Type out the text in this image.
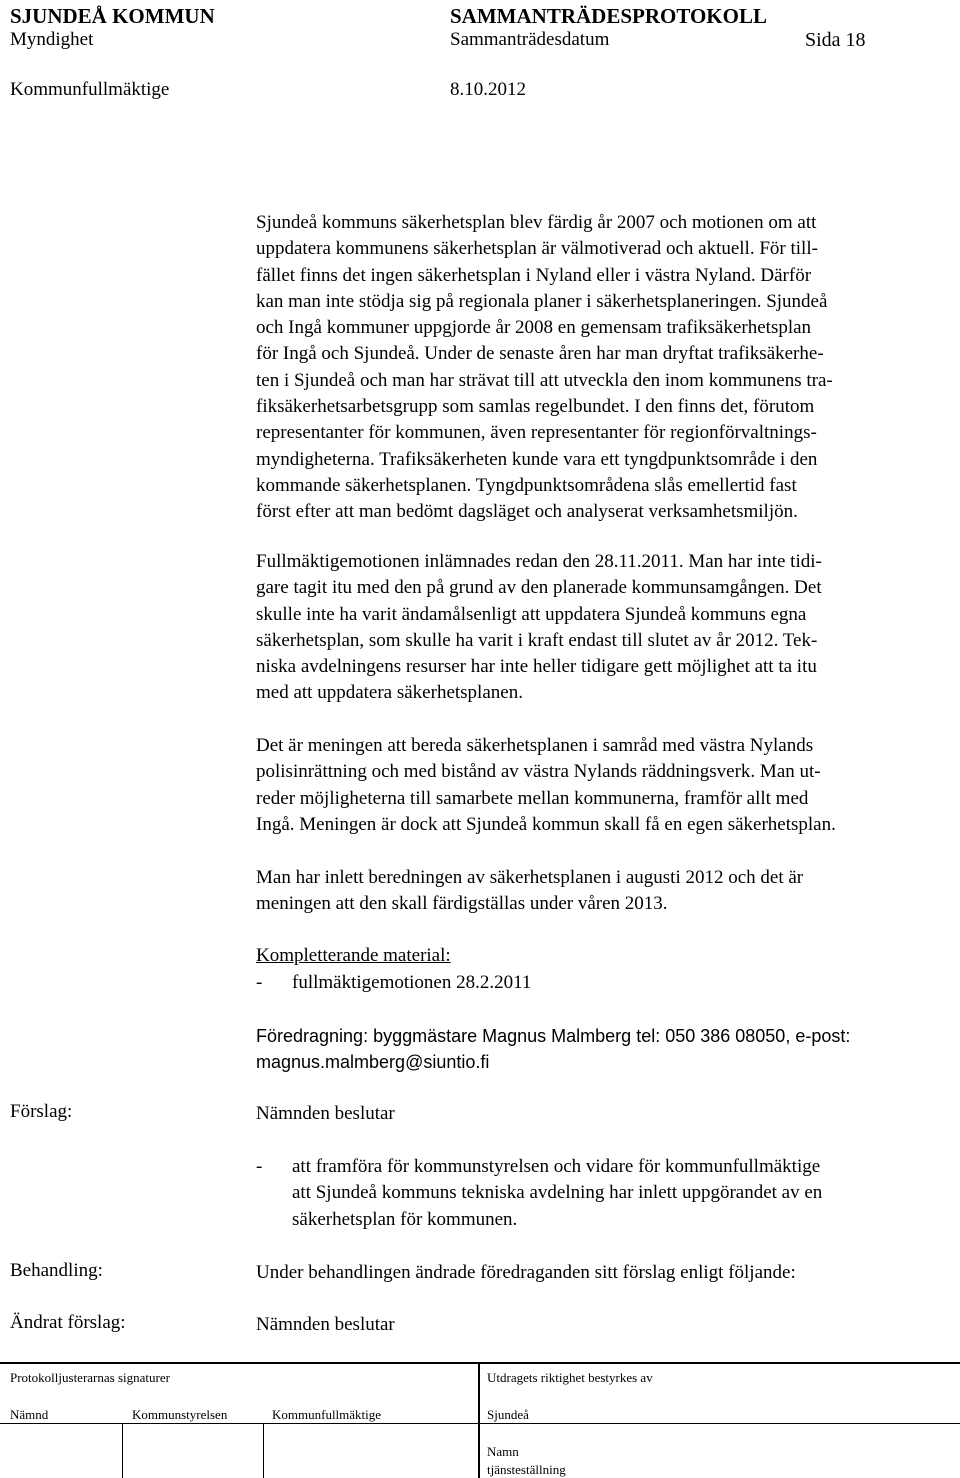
SJUNDEÅ KOMMUN	SAMMANTRÄDESPROTOKOLL
Myndighet	Sammanträdesdatum	Sida 18
Kommunfullmäktige	8.10.2012
Sjundeå kommuns säkerhetsplan blev färdig år 2007 och motionen om att
uppdatera kommunens säkerhetsplan är välmotiverad och aktuell. För till-
fället finns det ingen säkerhetsplan i Nyland eller i västra Nyland. Därför
kan man inte stödja sig på regionala planer i säkerhetsplaneringen. Sjundeå
och Ingå kommuner uppgjorde år 2008 en gemensam trafiksäkerhetsplan
för Ingå och Sjundeå. Under de senaste åren har man dryftat trafiksäkerhe-
ten i Sjundeå och man har strävat till att utveckla den inom kommunens tra-
fiksäkerhetsarbetsgrupp som samlas regelbundet. I den finns det, förutom
representanter för kommunen, även representanter för regionförvaltnings-
myndigheterna. Trafiksäkerheten kunde vara ett tyngdpunktsområde i den
kommande säkerhetsplanen. Tyngdpunktsområdena slås emellertid fast
först efter att man bedömt dagsläget och analyserat verksamhetsmiljön.
Fullmäktigemotionen inlämnades redan den 28.11.2011. Man har inte tidi-
gare tagit itu med den på grund av den planerade kommunsamgången. Det
skulle inte ha varit ändamålsenligt att uppdatera Sjundeå kommuns egna
säkerhetsplan, som skulle ha varit i kraft endast till slutet av år 2012. Tek-
niska avdelningens resurser har inte heller tidigare gett möjlighet att ta itu
med att uppdatera säkerhetsplanen.
Det är meningen att bereda säkerhetsplanen i samråd med västra Nylands
polisinrättning och med bistånd av västra Nylands räddningsverk. Man ut-
reder möjligheterna till samarbete mellan kommunerna, framför allt med
Ingå. Meningen är dock att Sjundeå kommun skall få en egen säkerhetsplan.
Man har inlett beredningen av säkerhetsplanen i augusti 2012 och det är
meningen att den skall färdigställas under våren 2013.
Kompletterande material:
- fullmäktigemotionen 28.2.2011
Föredragning: byggmästare Magnus Malmberg tel: 050 386 08050, e-post:
magnus.malmberg@siuntio.fi
Förslag:	Nämnden beslutar
- att framföra för kommunstyrelsen och vidare för kommunfullmäktige
att Sjundeå kommuns tekniska avdelning har inlett uppgörandet av en
säkerhetsplan för kommunen.
Behandling:	Under behandlingen ändrade föredraganden sitt förslag enligt följande:
Ändrat förslag:	Nämnden beslutar
Protokolljusterarnas signaturer	Utdragets riktighet bestyrkes av
Nämnd	Kommunstyrelsen	Kommunfullmäktige	Sjundeå
Namn
tjänsteställning
